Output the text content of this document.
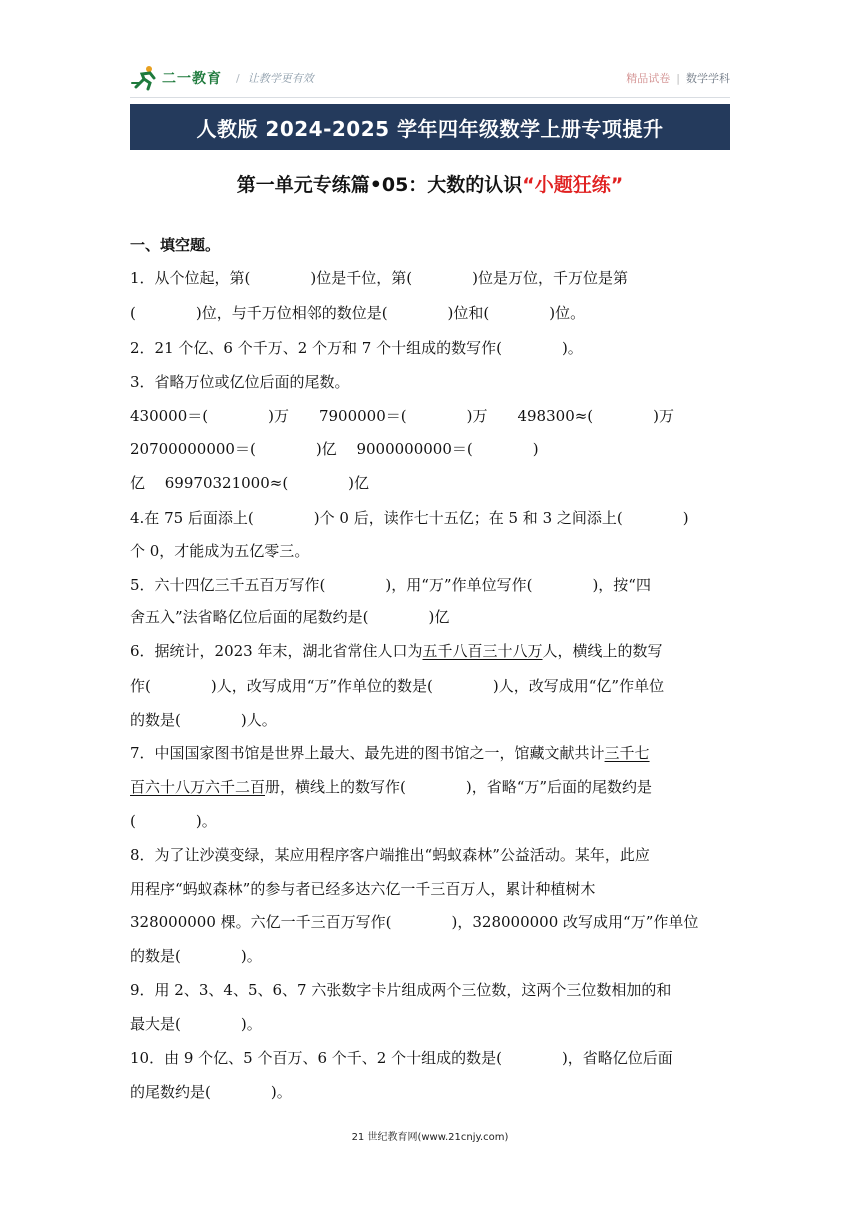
二一教育 / 让教学更有效	精品试卷 | 数学学科
人教版 2024-2025 学年四年级数学上册专项提升
第一单元专练篇•05：大数的认识“小题狂练”
一、填空题。
1．从个位起，第(　　　　)位是千位，第(　　　　)位是万位，千万位是第
(　　　　)位，与千万位相邻的数位是(　　　　)位和(　　　　)位。
2．21 个亿、6 个千万、2 个万和 7 个十组成的数写作(　　　　)。
3．省略万位或亿位后面的尾数。
430000＝(　　　　)万　　7900000＝(　　　　)万　　498300≈(　　　　)万
20700000000＝(　　　　)亿　 9000000000＝(　　　　)
亿　 69970321000≈(　　　　)亿
4.在 75 后面添上(　　　　)个 0 后，读作七十五亿；在 5 和 3 之间添上(　　　　)
个 0，才能成为五亿零三。
5．六十四亿三千五百万写作(　　　　)，用“万”作单位写作(　　　　)，按“四
舍五入”法省略亿位后面的尾数约是(　　　　)亿
6．据统计，2023 年末，湖北省常住人口为五千八百三十八万人，横线上的数写
作(　　　　)人，改写成用“万”作单位的数是(　　　　)人，改写成用“亿”作单位
的数是(　　　　)人。
7．中国国家图书馆是世界上最大、最先进的图书馆之一，馆藏文献共计三千七
百六十八万六千二百册，横线上的数写作(　　　　)，省略“万”后面的尾数约是
(　　　　)。
8．为了让沙漠变绿，某应用程序客户端推出“蚂蚁森林”公益活动。某年，此应
用程序“蚂蚁森林”的参与者已经多达六亿一千三百万人，累计种植树木
328000000 棵。六亿一千三百万写作(　　　　)，328000000 改写成用“万”作单位
的数是(　　　　)。
9．用 2、3、4、5、6、7 六张数字卡片组成两个三位数，这两个三位数相加的和
最大是(　　　　)。
10．由 9 个亿、5 个百万、6 个千、2 个十组成的数是(　　　　)，省略亿位后面
的尾数约是(　　　　)。
21 世纪教育网(www.21cnjy.com)
